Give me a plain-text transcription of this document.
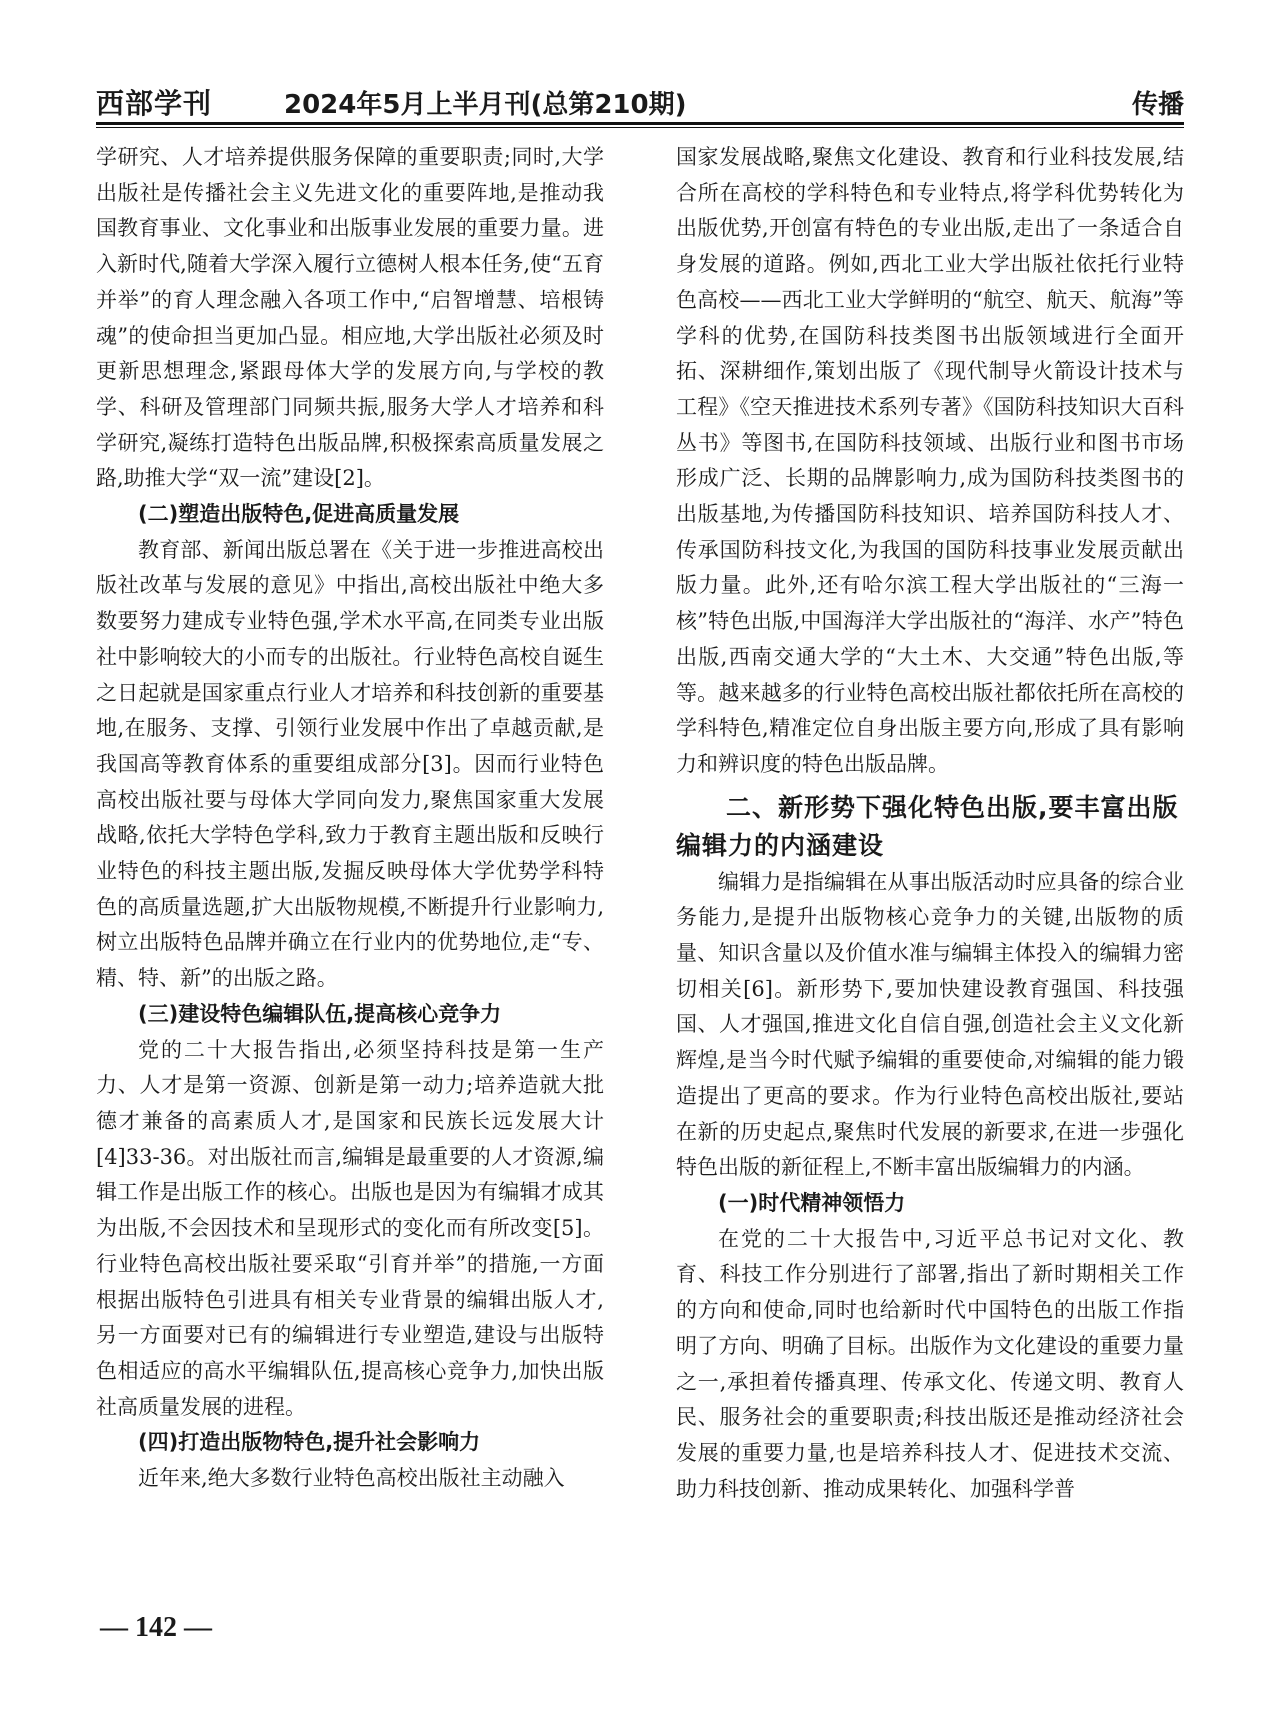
西部学刊	2024年5月上半月刊(总第210期)	传播

学研究、人才培养提供服务保障的重要职责;同时,大学出版社是传播社会主义先进文化的重要阵地,是推动我国教育事业、文化事业和出版事业发展的重要力量。进入新时代,随着大学深入履行立德树人根本任务,使“五育并举”的育人理念融入各项工作中,“启智增慧、培根铸魂”的使命担当更加凸显。相应地,大学出版社必须及时更新思想理念,紧跟母体大学的发展方向,与学校的教学、科研及管理部门同频共振,服务大学人才培养和科学研究,凝练打造特色出版品牌,积极探索高质量发展之路,助推大学“双一流”建设[2]。

(二)塑造出版特色,促进高质量发展

教育部、新闻出版总署在《关于进一步推进高校出版社改革与发展的意见》中指出,高校出版社中绝大多数要努力建成专业特色强,学术水平高,在同类专业出版社中影响较大的小而专的出版社。行业特色高校自诞生之日起就是国家重点行业人才培养和科技创新的重要基地,在服务、支撑、引领行业发展中作出了卓越贡献,是我国高等教育体系的重要组成部分[3]。因而行业特色高校出版社要与母体大学同向发力,聚焦国家重大发展战略,依托大学特色学科,致力于教育主题出版和反映行业特色的科技主题出版,发掘反映母体大学优势学科特色的高质量选题,扩大出版物规模,不断提升行业影响力,树立出版特色品牌并确立在行业内的优势地位,走“专、精、特、新”的出版之路。

(三)建设特色编辑队伍,提高核心竞争力

党的二十大报告指出,必须坚持科技是第一生产力、人才是第一资源、创新是第一动力;培养造就大批德才兼备的高素质人才,是国家和民族长远发展大计[4]33-36。对出版社而言,编辑是最重要的人才资源,编辑工作是出版工作的核心。出版也是因为有编辑才成其为出版,不会因技术和呈现形式的变化而有所改变[5]。行业特色高校出版社要采取“引育并举”的措施,一方面根据出版特色引进具有相关专业背景的编辑出版人才,另一方面要对已有的编辑进行专业塑造,建设与出版特色相适应的高水平编辑队伍,提高核心竞争力,加快出版社高质量发展的进程。

(四)打造出版物特色,提升社会影响力

近年来,绝大多数行业特色高校出版社主动融入

国家发展战略,聚焦文化建设、教育和行业科技发展,结合所在高校的学科特色和专业特点,将学科优势转化为出版优势,开创富有特色的专业出版,走出了一条适合自身发展的道路。例如,西北工业大学出版社依托行业特色高校——西北工业大学鲜明的“航空、航天、航海”等学科的优势,在国防科技类图书出版领域进行全面开拓、深耕细作,策划出版了《现代制导火箭设计技术与工程》《空天推进技术系列专著》《国防科技知识大百科丛书》等图书,在国防科技领域、出版行业和图书市场形成广泛、长期的品牌影响力,成为国防科技类图书的出版基地,为传播国防科技知识、培养国防科技人才、传承国防科技文化,为我国的国防科技事业发展贡献出版力量。此外,还有哈尔滨工程大学出版社的“三海一核”特色出版,中国海洋大学出版社的“海洋、水产”特色出版,西南交通大学的“大土木、大交通”特色出版,等等。越来越多的行业特色高校出版社都依托所在高校的学科特色,精准定位自身出版主要方向,形成了具有影响力和辨识度的特色出版品牌。

二、新形势下强化特色出版,要丰富出版编辑力的内涵建设

编辑力是指编辑在从事出版活动时应具备的综合业务能力,是提升出版物核心竞争力的关键,出版物的质量、知识含量以及价值水准与编辑主体投入的编辑力密切相关[6]。新形势下,要加快建设教育强国、科技强国、人才强国,推进文化自信自强,创造社会主义文化新辉煌,是当今时代赋予编辑的重要使命,对编辑的能力锻造提出了更高的要求。作为行业特色高校出版社,要站在新的历史起点,聚焦时代发展的新要求,在进一步强化特色出版的新征程上,不断丰富出版编辑力的内涵。

(一)时代精神领悟力

在党的二十大报告中,习近平总书记对文化、教育、科技工作分别进行了部署,指出了新时期相关工作的方向和使命,同时也给新时代中国特色的出版工作指明了方向、明确了目标。出版作为文化建设的重要力量之一,承担着传播真理、传承文化、传递文明、教育人民、服务社会的重要职责;科技出版还是推动经济社会发展的重要力量,也是培养科技人才、促进技术交流、助力科技创新、推动成果转化、加强科学普

— 142 —
